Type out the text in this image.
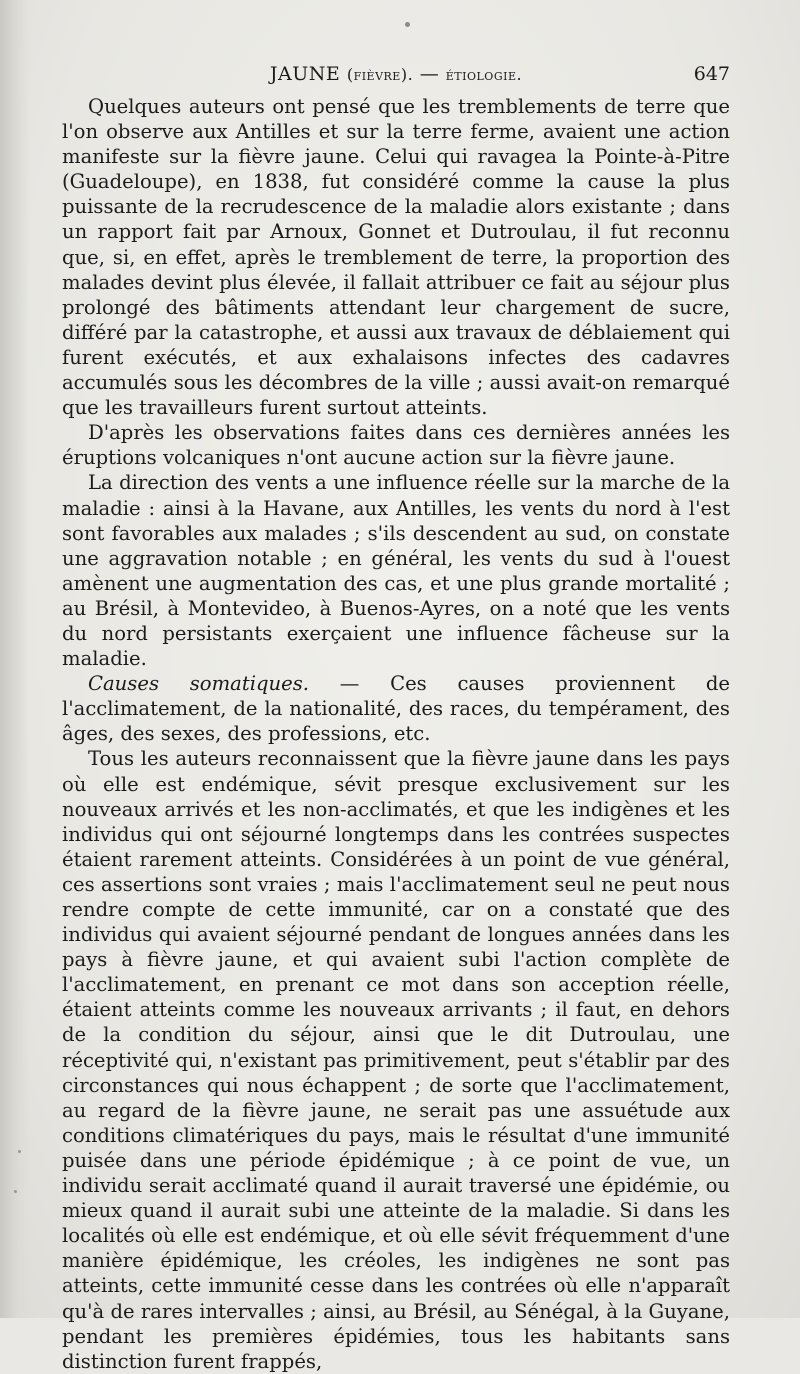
JAUNE (fièvre). — étiologie.	647

Quelques auteurs ont pensé que les tremblements de terre que l'on observe aux Antilles et sur la terre ferme, avaient une action manifeste sur la fièvre jaune. Celui qui ravagea la Pointe-à-Pitre (Guadeloupe), en 1838, fut considéré comme la cause la plus puissante de la recrudescence de la maladie alors existante ; dans un rapport fait par Arnoux, Gonnet et Dutroulau, il fut reconnu que, si, en effet, après le tremblement de terre, la proportion des malades devint plus élevée, il fallait attribuer ce fait au séjour plus prolongé des bâtiments attendant leur chargement de sucre, différé par la catastrophe, et aussi aux travaux de déblaiement qui furent exécutés, et aux exhalaisons infectes des cadavres accumulés sous les décombres de la ville ; aussi avait-on remarqué que les travailleurs furent surtout atteints.

D'après les observations faites dans ces dernières années les éruptions volcaniques n'ont aucune action sur la fièvre jaune.

La direction des vents a une influence réelle sur la marche de la maladie : ainsi à la Havane, aux Antilles, les vents du nord à l'est sont favorables aux malades ; s'ils descendent au sud, on constate une aggravation notable ; en général, les vents du sud à l'ouest amènent une augmentation des cas, et une plus grande mortalité ; au Brésil, à Montevideo, à Buenos-Ayres, on a noté que les vents du nord persistants exerçaient une influence fâcheuse sur la maladie.

Causes somatiques. — Ces causes proviennent de l'acclimatement, de la nationalité, des races, du tempérament, des âges, des sexes, des professions, etc.

Tous les auteurs reconnaissent que la fièvre jaune dans les pays où elle est endémique, sévit presque exclusivement sur les nouveaux arrivés et les non-acclimatés, et que les indigènes et les individus qui ont séjourné longtemps dans les contrées suspectes étaient rarement atteints. Considérées à un point de vue général, ces assertions sont vraies ; mais l'acclimatement seul ne peut nous rendre compte de cette immunité, car on a constaté que des individus qui avaient séjourné pendant de longues années dans les pays à fièvre jaune, et qui avaient subi l'action complète de l'acclimatement, en prenant ce mot dans son acception réelle, étaient atteints comme les nouveaux arrivants ; il faut, en dehors de la condition du séjour, ainsi que le dit Dutroulau, une réceptivité qui, n'existant pas primitivement, peut s'établir par des circonstances qui nous échappent ; de sorte que l'acclimatement, au regard de la fièvre jaune, ne serait pas une assuétude aux conditions climatériques du pays, mais le résultat d'une immunité puisée dans une période épidémique ; à ce point de vue, un individu serait acclimaté quand il aurait traversé une épidémie, ou mieux quand il aurait subi une atteinte de la maladie. Si dans les localités où elle est endémique, et où elle sévit fréquemment d'une manière épidémique, les créoles, les indigènes ne sont pas atteints, cette immunité cesse dans les contrées où elle n'apparaît qu'à de rares intervalles ; ainsi, au Brésil, au Sénégal, à la Guyane, pendant les premières épidémies, tous les habitants sans distinction furent frappés,
